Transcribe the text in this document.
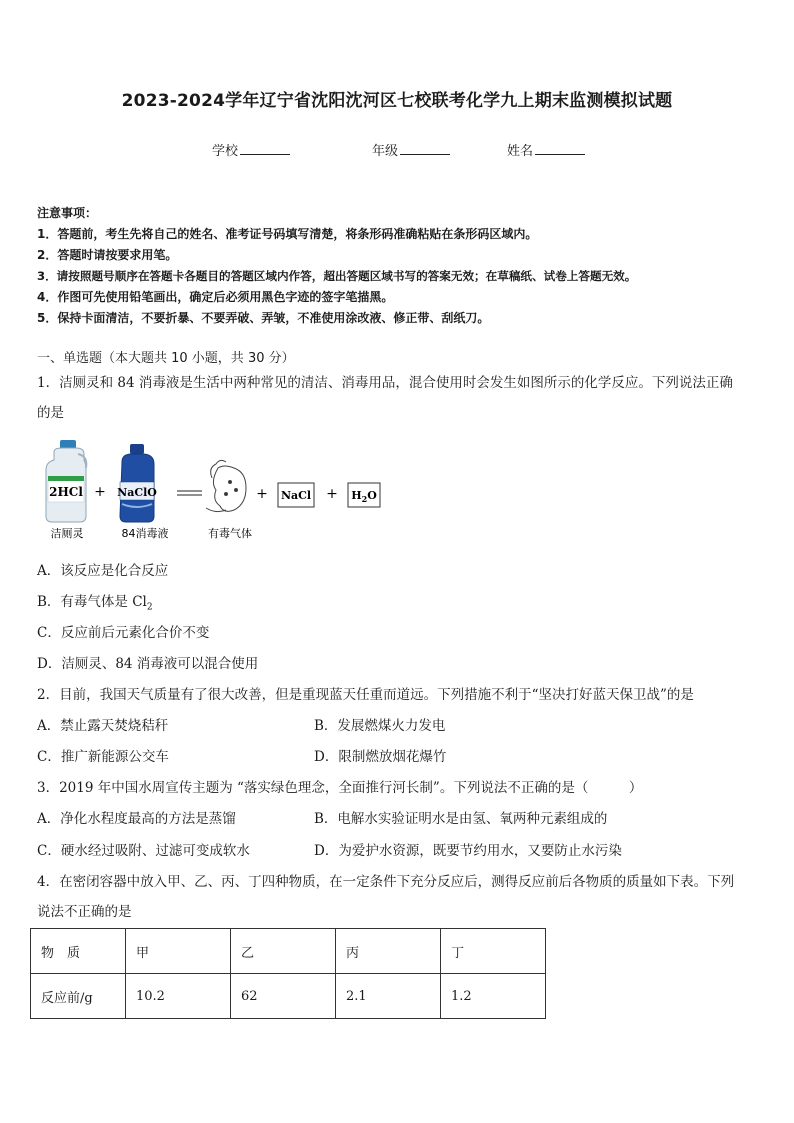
2023-2024学年辽宁省沈阳沈河区七校联考化学九上期末监测模拟试题
学校	年级	姓名
注意事项：
1．答题前，考生先将自己的姓名、准考证号码填写清楚，将条形码准确粘贴在条形码区域内。
2．答题时请按要求用笔。
3．请按照题号顺序在答题卡各题目的答题区域内作答，超出答题区域书写的答案无效；在草稿纸、试卷上答题无效。
4．作图可先使用铅笔画出，确定后必须用黑色字迹的签字笔描黑。
5．保持卡面清洁，不要折暴、不要弄破、弄皱，不准使用涂改液、修正带、刮纸刀。
一、单选题（本大题共 10 小题，共 30 分）
1．洁厕灵和 84 消毒液是生活中两种常见的清洁、消毒用品，混合使用时会发生如图所示的化学反应。下列说法正确
的是
2HCl
洁厕灵
+ NaClO
84消毒液	有毒气体
+ NaCl + $H_2O$
A．该反应是化合反应
B．有毒气体是 $Cl_2$
C．反应前后元素化合价不变
D．洁厕灵、84 消毒液可以混合使用
2．目前，我国天气质量有了很大改善，但是重现蓝天任重而道远。下列措施不利于“坚决打好蓝天保卫战”的是
A．禁止露天焚烧秸秆	B．发展燃煤火力发电
C．推广新能源公交车	D．限制燃放烟花爆竹
3．2019 年中国水周宣传主题为 “落实绿色理念，全面推行河长制”。下列说法不正确的是（　　　）
A．净化水程度最高的方法是蒸馏	B．电解水实验证明水是由氢、氧两种元素组成的
C．硬水经过吸附、过滤可变成软水	D．为爱护水资源，既要节约用水，又要防止水污染
4．在密闭容器中放入甲、乙、丙、丁四种物质，在一定条件下充分反应后，测得反应前后各物质的质量如下表。下列
说法不正确的是
物　质	甲	乙	丙	丁
反应前/g	10.2	62	2.1	1.2
